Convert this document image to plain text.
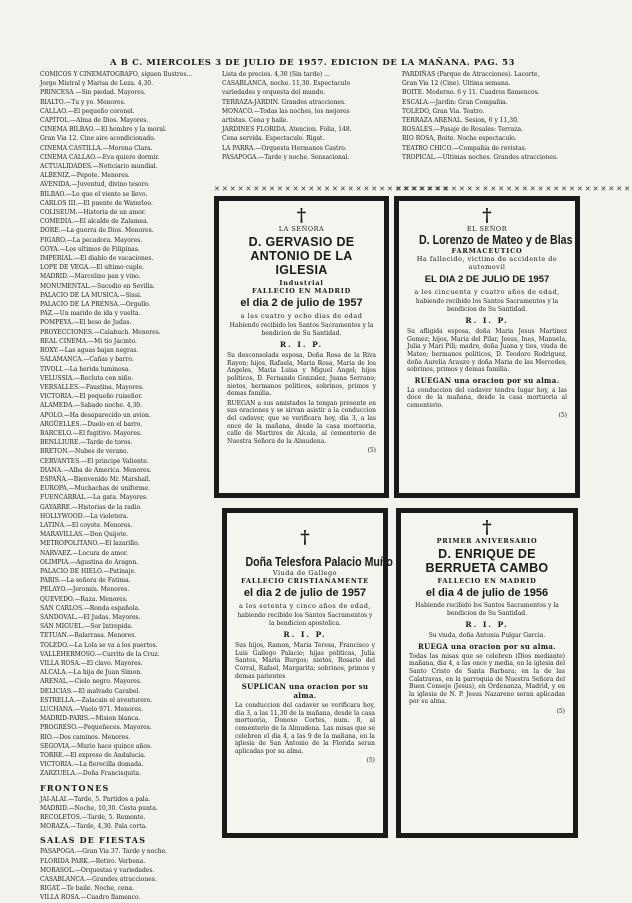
A B C. MIERCOLES 3 DE JULIO DE 1957. EDICION DE LA MAÑANA. PAG. 53

COMICOS Y CINEMATOGRAFO, siguen Ilustres...

Jorge Mistral y Marisa de Leza. 4,30.

PRINCESA —Sin piedad. Mayores.

RIALTO.—Tu y yo. Menores.

CALLAO.—El pequeño coronel.

CAPITOL.—Alma de Dios. Mayores.

CINEMA BILBAO.—El hombre y la moral.

Gran Via 12. Cine aire acondicionado.

CINEMA CASTILLA.—Morena Clara.

CINEMA CALLAO.—Eva quiere dormir.

ACTUALIDADES.—Noticiario mundial.

ALBENIZ.—Pepote. Menores.

AVENIDA.—Juventud, divino tesoro.

BILBAO.—Lo que el viento se llevo.

CARLOS III.—El puente de Waterloo.

COLISEUM.—Historia de un amor.

COMEDIA.—El alcalde de Zalamea.

DORE.—La guerra de Dios. Menores.

FIGARO.—La pecadora. Mayores.

GOYA.—Los ultimos de Filipinas.

IMPERIAL.—El diablo de vacaciones.

LOPE DE VEGA.—El ultimo cuple.

MADRID.—Marcelino pan y vino.

MONUMENTAL.—Sucedio en Sevilla.

PALACIO DE LA MUSICA.—Sissi.

PALACIO DE LA PRENSA.—Orgullo.

PAZ.—Un marido de ida y vuelta.

POMPEYA.—El beso de Judas.

PROYECCIONES.—Calabuch. Menores.

REAL CINEMA.—Mi tio Jacinto.

ROXY.—Las aguas bajan negras.

SALAMANCA.—Cañas y barro.

TIVOLI.—La herida luminosa.

VELUSSIA.—Recluta con niño.

VERSALLES.—Faustina. Mayores.

VICTORIA.—El pequeño ruiseñor.

ALAMEDA.—Sabado noche. 4,30.

APOLO.—Ha desaparecido un avion.

ARGÜELLES.—Duelo en el barro.

BARCELO.—El fugitivo. Mayores.

BENLLIURE.—Tarde de toros.

BRETON.—Nubes de verano.

CERVANTES.—El principe Valiente.

DIANA.—Alba de America. Menores.

ESPAÑA.—Bienvenido Mr. Marshall.

EUROPA.—Muchachas de uniforme.

FUENCARRAL.—La gata. Mayores.

GAYARRE.—Historias de la radio.

HOLLYWOOD.—La violetera.

LATINA.—El coyote. Menores.

MARAVILLAS.—Don Quijote.

METROPOLITANO.—El lazarillo.

NARVAEZ.—Locura de amor.

OLIMPIA.—Agustina de Aragon.

PALACIO DE HIELO.—Patinaje.

PARIS.—La señora de Fatima.

PELAYO.—Jeromin. Menores.

QUEVEDO.—Raza. Menores.

SAN CARLOS.—Ronda española.

SANDOVAL.—El Judas. Mayores.

SAN MIGUEL.—Sor Intrepida.

TETUAN.—Balarrasa. Menores.

TOLEDO.—La Lola se va a los puertos.

VALLEHERMOSO.—Currito de la Cruz.

VILLA ROSA.—El clavo. Mayores.

ALCALA.—La hija de Juan Simon.

ARENAL.—Cielo negro. Mayores.

DELICIAS.—El malvado Carabel.

ESTRELLA.—Zalacain el aventurero.

LUCHANA.—Vuelo 971. Menores.

MADRID-PARIS.—Mision blanca.

PROGRESO.—Pequeñeces. Mayores.

RIO.—Dos caminos. Menores.

SEGOVIA.—Murio hace quince años.

TORRE.—El expreso de Andalucia.

VICTORIA.—La fierecilla domada.

ZARZUELA.—Doña Francisquita.

FRONTONES

JAI-ALAI.—Tarde, 5. Partidos a pala.

MADRID.—Noche, 10,30. Cesta punta.

RECOLETOS.—Tarde, 5. Remonte.

MORAZA.—Tarde, 4,30. Pala corta.

SALAS DE FIESTAS

PASAPOGA.—Gran Via 37. Tarde y noche.

FLORIDA PARK.—Retiro. Verbena.

MORASOL.—Orquestas y variedades.

CASABLANCA.—Grandes atracciones.

RIGAT.—Te baile. Noche, cena.

VILLA ROSA.—Cuadro flamenco.

Lista de precios. 4,30 (Sin tarde) ...

CASABLANCA, noche. 11,30. Espectaculo

variedades y orquesta del mundo.

TERRAZA-JARDIN. Grandes atracciones.

MONACO.—Todas las noches, los mejores

artistas. Cena y baile.

JARDINES FLORIDA. Atencion. Folia, 148.

Cena servida. Espectaculo. Rigat.

LA PARRA.—Orquesta Hermanos Castro.

PASAPOGA.—Tarde y noche. Sensacional.

PARDIÑAS (Parque de Atracciones). Lacorte,

Gran Via 12 (Cine). Ultima semana.

BOITE. Moderno. 6 y 11. Cuadros flamencos.

ESCALA.—Jardin: Gran Compañia.

TOLEDO, Gran Via. Teatro.

TERRAZA ARENAL. Sesion, 6 y 11,30.

ROSALES.—Pasaje de Rosales: Terraza.

RIO ROSA, Boite. Noche espectaculo.

TEATRO CHICO.—Compañia de revistas.

TROPICAL.—Ultimas noches. Grandes atracciones.

✕✕✕✕✕✕✕✕✕✕✕✕✕✕✕✕✕✕✕✕✕✕✕✕✕✕✕✕✕✕
✕✕✕✕✕✕✕✕✕✕✕✕✕✕✕✕✕✕✕✕✕✕✕✕✕✕✕✕✕✕
†
LA SEÑORA
D. GERVASIO DE ANTONIO DE LA IGLESIA
Industrial
FALLECIO EN MADRID
el dia 2 de julio de 1957
a las cuatro y ocho dias de edad
Habiendo recibido los Santos Sacramentos y la bendicion de Su Santidad.
R. I. P.
Su desconsolada esposa, Doña Rosa de la Riva Rayon; hijos, Rafaela, Maria Rosa, Maria de los Angeles, Maria Luisa y Miguel Angel; hijos politicos, D. Fernando Gonzalez, Juana Serrano; nietos, hermanos politicos, sobrinos, primos y demas familia.
RUEGAN a sus amistades la tengan presente en sus oraciones y se sirvan asistir a la conduccion del cadaver, que se verificara hoy, dia 3, a las once de la mañana, desde la casa mortuoria, calle de Martires de Alcala, al cementerio de Nuestra Señora de la Almudena.
(5)
†
EL SEÑOR
D. Lorenzo de Mateo y de Blas
FARMACEUTICO
Ha fallecido, victima de accidente de automovil
EL DIA 2 DE JULIO DE 1957
a los cincuenta y cuatro años de edad,
habiendo recibido los Santos Sacramentos y la bendicion de Su Santidad.
R. I. P.
Su afligida esposa, doña Maria Jesus Martinez Gomez; hijos, Maria del Pilar, Jesus, Ines, Manuela, Julia y Mari Pili; madre, doña Juana y tios, viuda de Mateo; hermanos politicos, D. Teodoro Rodriguez, doña Aurelia Arauzo y doña Maria de las Mercedes, sobrinos, primos y demas familia.
RUEGAN una oracion por su alma.
La conduccion del cadaver tendra lugar hoy, a las doce de la mañana, desde la casa mortuoria al cementerio.
(5)
†
Doña Telesfora Palacio Muño
Viuda de Gallego
FALLECIO CRISTIANAMENTE
el dia 2 de julio de 1957
a los setenta y cinco años de edad,
habiendo recibido los Santos Sacramentos y la bendicion apostolica.
R. I. P.
Sus hijos, Ramon, Maria Teresa, Francisco y Luis Gallego Palacio; hijas politicas, Julia Santos, Maria Burgos; nietos, Rosario del Corral, Rafael, Margarita; sobrinos, primos y demas parientes
SUPLICAN una oracion por su alma.
La conduccion del cadaver se verificara hoy, dia 3, a las 11,30 de la mañana, desde la casa mortuoria, Donoso Cortes, num. 8, al cementerio de la Almudena. Las misas que se celebren el dia 4, a las 9 de la mañana, en la iglesia de San Antonio de la Florida seran aplicadas por su alma.
(5)
†
PRIMER ANIVERSARIO
D. ENRIQUE DE BERRUETA CAMBO
FALLECIO EN MADRID
el dia 4 de julio de 1956
Habiendo recibido los Santos Sacramentos y la bendicion de Su Santidad.
R. I. P.
Su viuda, doña Antonia Pulgar Garcia.
RUEGA una oracion por su alma.
Todas las misas que se celebren (Dios mediante) mañana, dia 4, a las once y media, en la iglesia del Santo Cristo de Santa Barbara; en la de las Calatravas, en la parroquia de Nuestra Señora del Buen Consejo (Jesus), en Ordenanza, Madrid, y en la iglesia de N. P. Jesus Nazareno seran aplicadas por su alma.
(5)
